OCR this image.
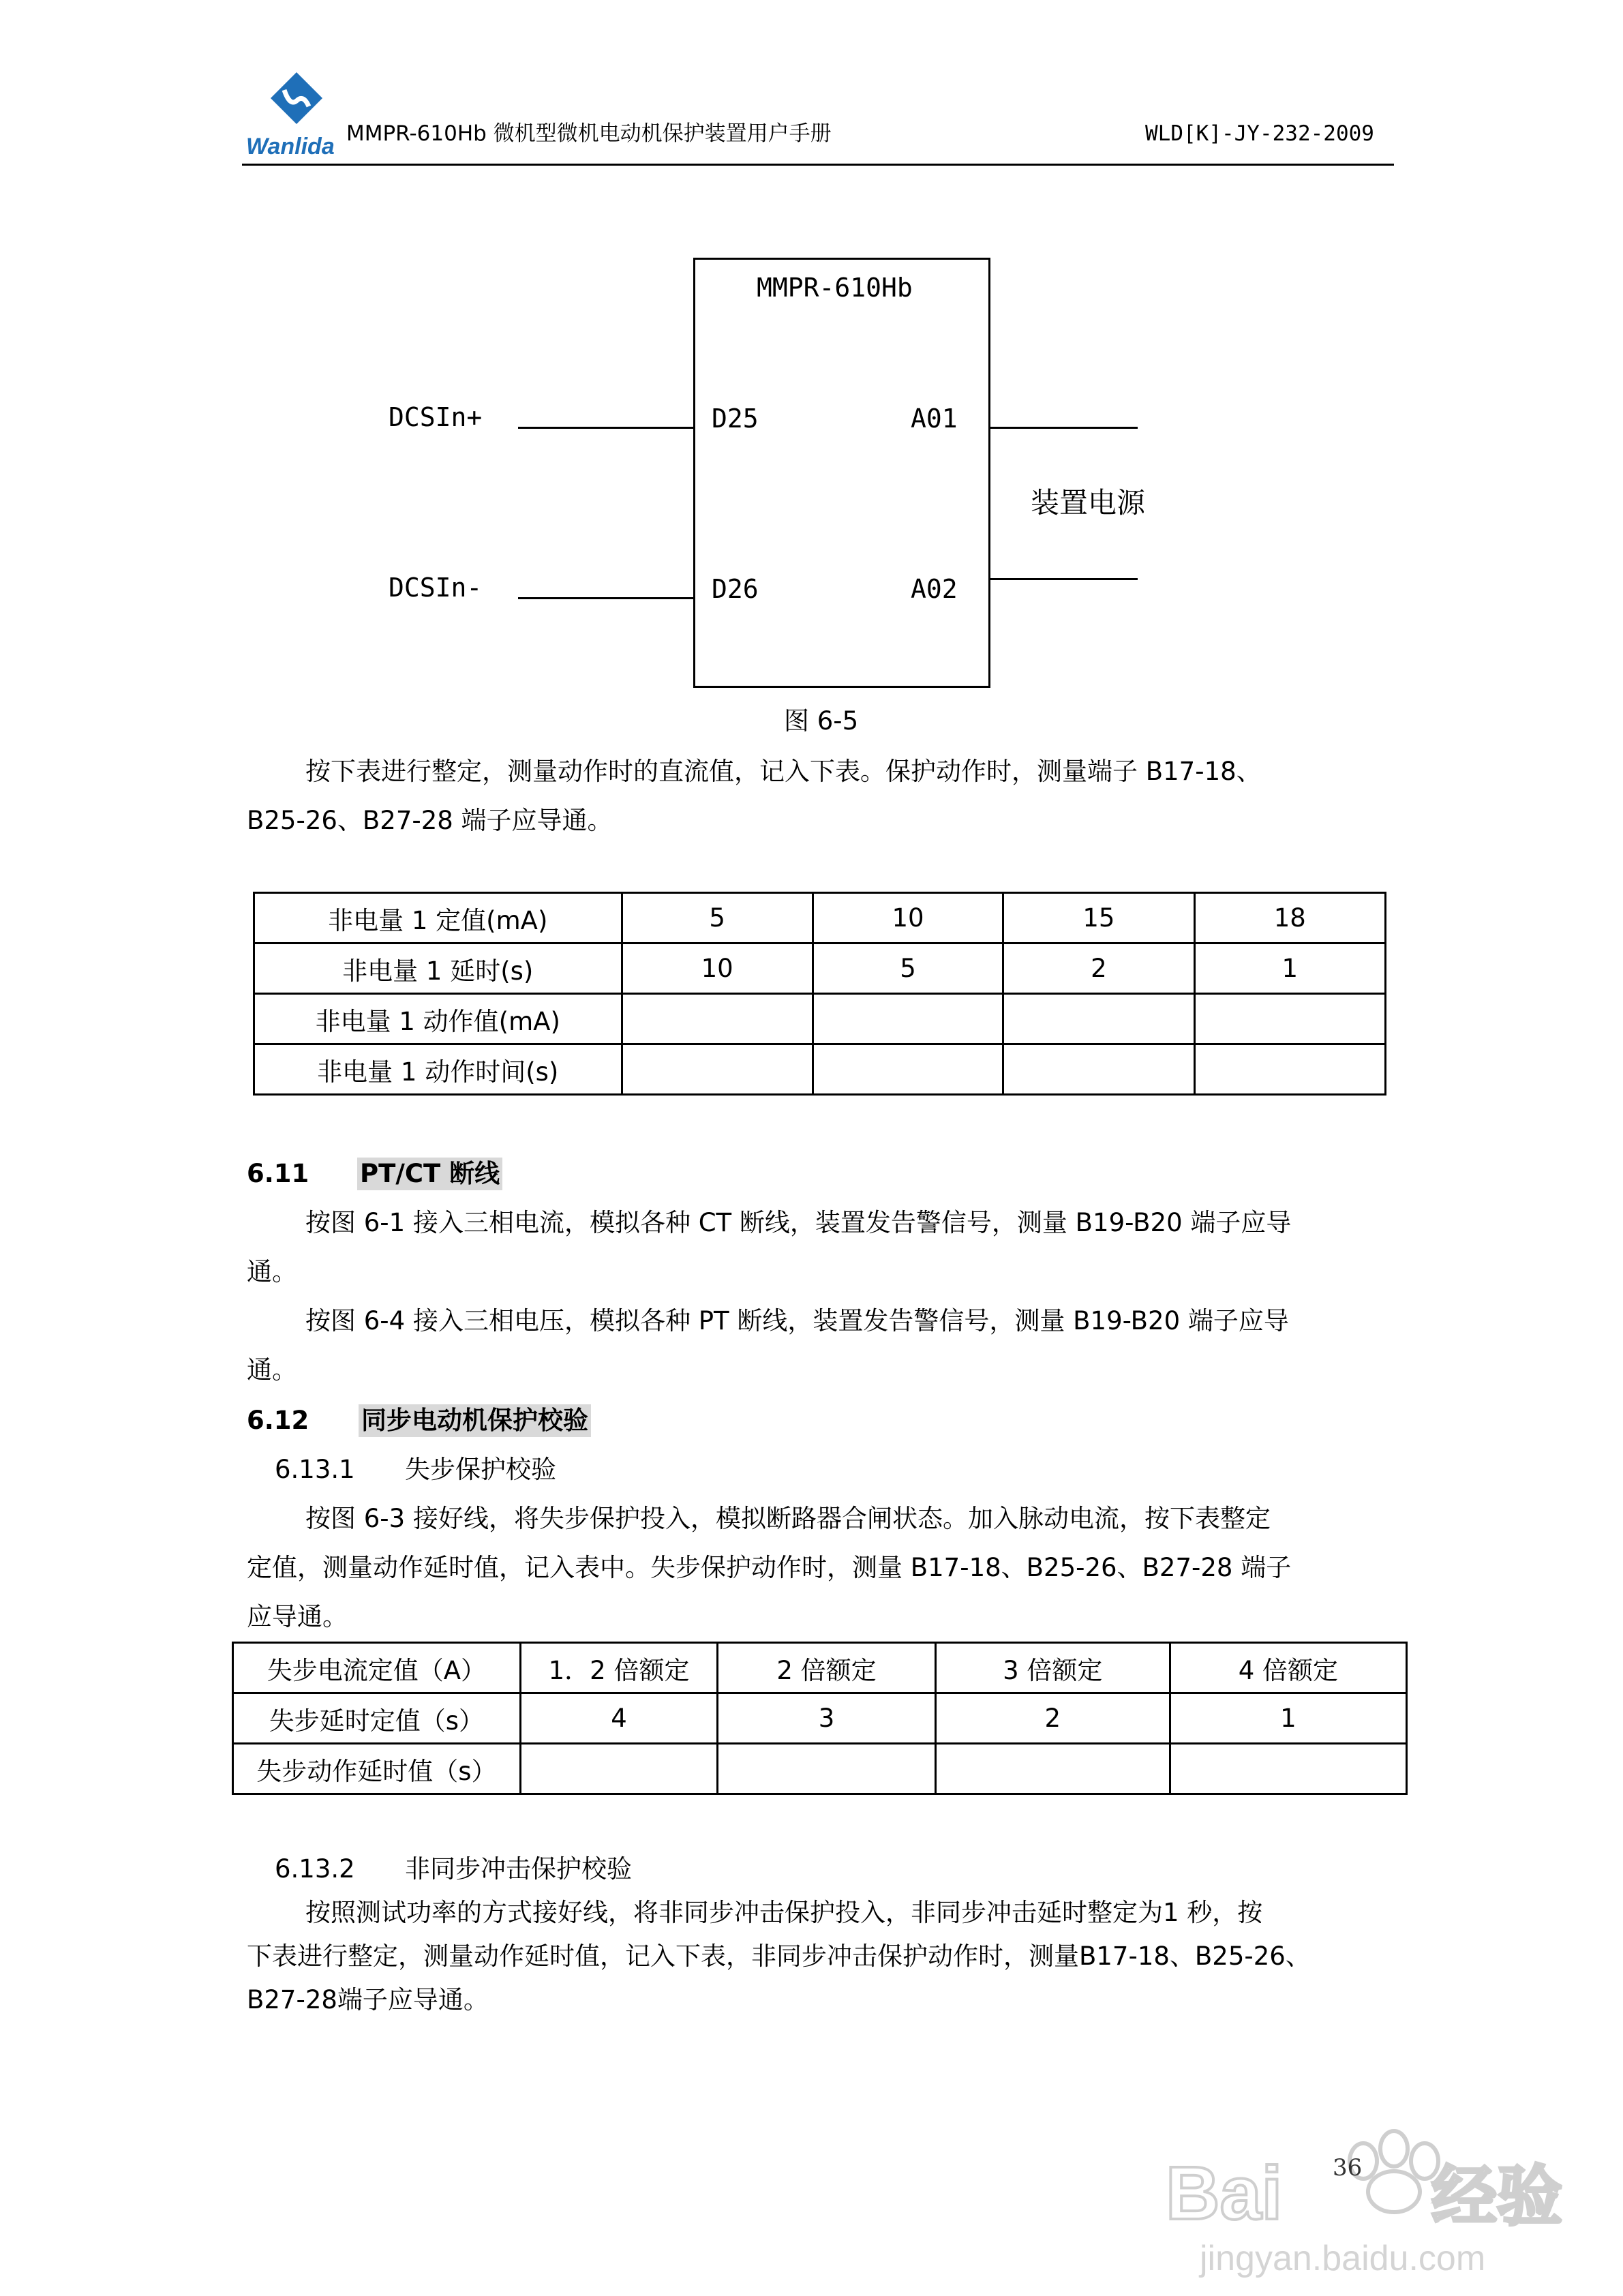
Wanlida MMPR-610Hb 微机型微机电动机保护装置用户手册	WLD[K]-JY-232-2009
MMPR-610Hb
DCSIn+	D25	A01
装置电源
DCSIn-	D26	A02
图 6-5
按下表进行整定，测量动作时的直流值，记入下表。保护动作时，测量端子 B17-18、
B25-26、B27-28 端子应导通。
非电量 1 定值(mA)	5	10	15	18
非电量 1 延时(s)	10	5	2	1
非电量 1 动作值(mA)				
非电量 1 动作时间(s)				
6.11 PT/CT 断线
按图 6-1 接入三相电流，模拟各种 CT 断线，装置发告警信号，测量 B19-B20 端子应导
通。
按图 6-4 接入三相电压，模拟各种 PT 断线，装置发告警信号，测量 B19-B20 端子应导
通。
6.12 同步电动机保护校验
6.13.1 失步保护校验
按图 6-3 接好线，将失步保护投入，模拟断路器合闸状态。加入脉动电流，按下表整定
定值，测量动作延时值，记入表中。失步保护动作时，测量 B17-18、B25-26、B27-28 端子
应导通。
失步电流定值（A）	1．2 倍额定	2 倍额定	3 倍额定	4 倍额定
失步延时定值（s）	4	3	2	1
失步动作延时值（s）				
6.13.2 非同步冲击保护校验
按照测试功率的方式接好线，将非同步冲击保护投入，非同步冲击延时整定为1 秒，按
下表进行整定，测量动作延时值，记入下表，非同步冲击保护动作时，测量B17-18、B25-26、
B27-28端子应导通。
Bai 经验
jingyan.baidu.com
36
